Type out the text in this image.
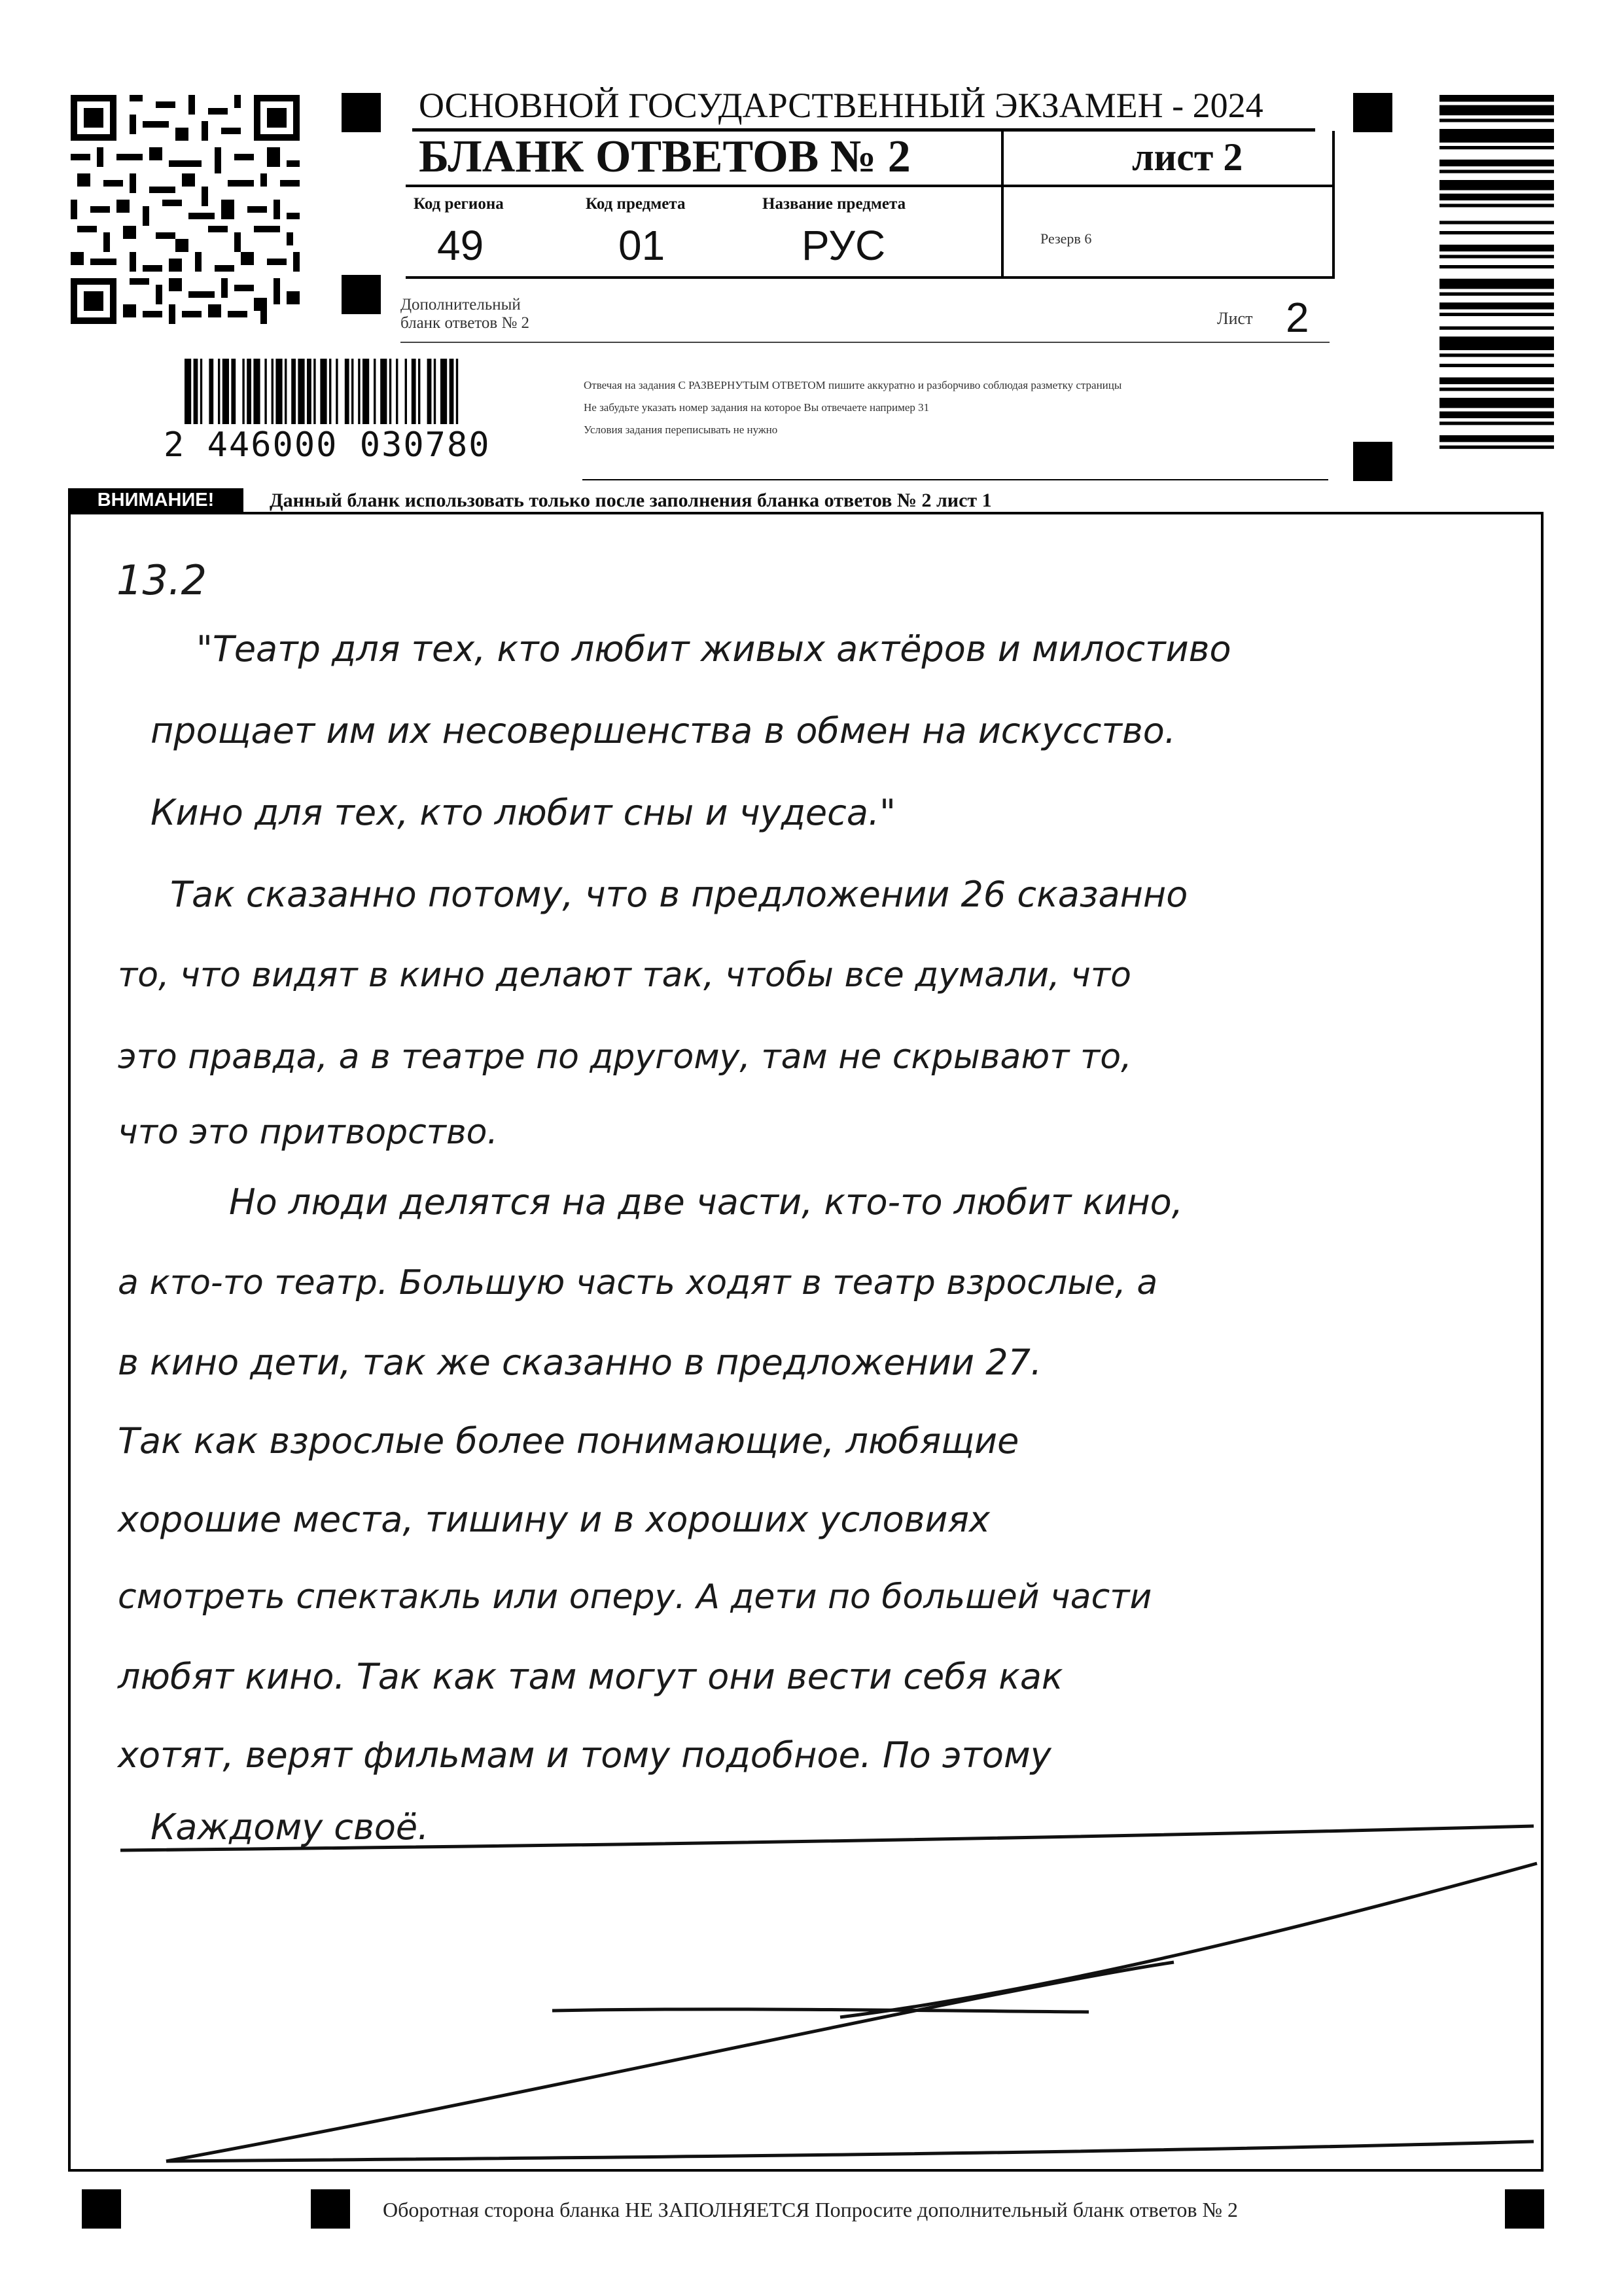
ОСНОВНОЙ ГОСУДАРСТВЕННЫЙ ЭКЗАМЕН - 2024
БЛАНК ОТВЕТОВ № 2	лист 2
Код региона
49
Код предмета
01
Название предмета
РУС	Резерв 6
Дополнительный
бланк ответов № 2	Лист 2
2 446000 030780
Отвечая на задания С РАЗВЕРНУТЫМ ОТВЕТОМ пишите аккуратно и разборчиво соблюдая разметку страницы
Не забудьте указать номер задания на которое Вы отвечаете например 31
Условия задания переписывать не нужно
ВНИМАНИЕ!	Данный бланк использовать только после заполнения бланка ответов № 2 лист 1
13.2
"Театр для тех, кто любит живых актёров и милостиво
прощает им их несовершенства в обмен на искусство.
Кино для тех, кто любит сны и чудеса."
Так сказанно потому, что в предложении 26 сказанно
то, что видят в кино делают так, чтобы все думали, что
это правда, а в театре по другому, там не скрывают то,
что это притворство.
Но люди делятся на две части, кто-то любит кино,
а кто-то театр. Большую часть ходят в театр взрослые, а
в кино дети, так же сказанно в предложении 27.
Так как взрослые более понимающие, любящие
хорошие места, тишину и в хороших условиях
смотреть спектакль или оперу. А дети по большей части
любят кино. Так как там могут они вести себя как
хотят, верят фильмам и тому подобное. По этому
Каждому своё.
Оборотная сторона бланка НЕ ЗАПОЛНЯЕТСЯ Попросите дополнительный бланк ответов № 2
